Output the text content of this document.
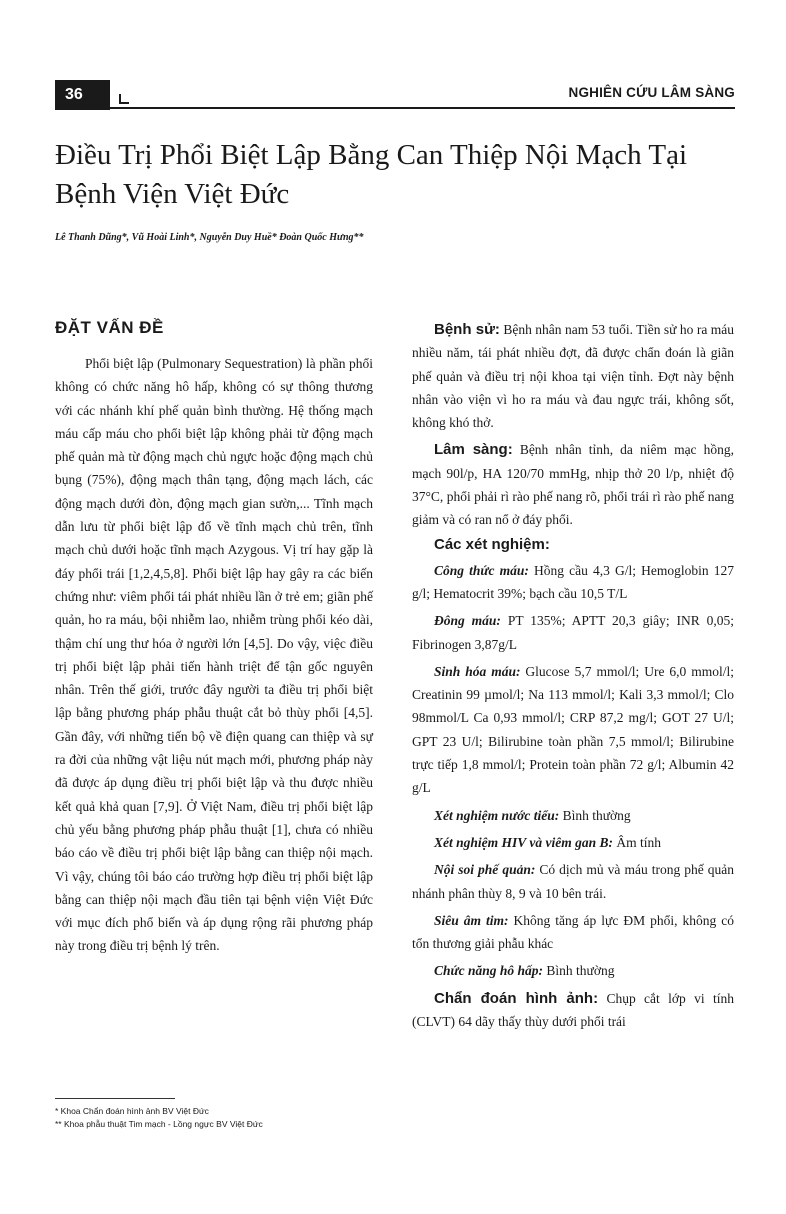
36	NGHIÊN CỨU LÂM SÀNG
Điều Trị Phổi Biệt Lập Bằng Can Thiệp Nội Mạch Tại Bệnh Viện Việt Đức
Lê Thanh Dũng*, Vũ Hoài Linh*, Nguyễn Duy Huề* Đoàn Quốc Hưng**
ĐẶT VẤN ĐỀ

Phổi biệt lập (Pulmonary Sequestration) là phần phổi không có chức năng hô hấp, không có sự thông thương với các nhánh khí phế quản bình thường. Hệ thống mạch máu cấp máu cho phổi biệt lập không phải từ động mạch phế quản mà từ động mạch chủ ngực hoặc động mạch chủ bụng (75%), động mạch thân tạng, động mạch lách, các động mạch dưới đòn, động mạch gian sườn,... Tĩnh mạch dẫn lưu từ phổi biệt lập đổ về tĩnh mạch chủ trên, tĩnh mạch chủ dưới hoặc tĩnh mạch Azygous. Vị trí hay gặp là đáy phổi trái [1,2,4,5,8]. Phổi biệt lập hay gây ra các biến chứng như: viêm phổi tái phát nhiều lần ở trẻ em; giãn phế quản, ho ra máu, bội nhiễm lao, nhiễm trùng phổi kéo dài, thậm chí ung thư hóa ở người lớn [4,5]. Do vậy, việc điều trị phổi biệt lập phải tiến hành triệt để tận gốc nguyên nhân. Trên thế giới, trước đây người ta điều trị phổi biệt lập bằng phương pháp phẫu thuật cắt bỏ thùy phổi [4,5]. Gần đây, với những tiến bộ về điện quang can thiệp và sự ra đời của những vật liệu nút mạch mới, phương pháp này đã được áp dụng điều trị phổi biệt lập và thu được nhiều kết quả khả quan [7,9]. Ở Việt Nam, điều trị phổi biệt lập chủ yếu bằng phương pháp phẫu thuật [1], chưa có nhiều báo cáo về điều trị phổi biệt lập bằng can thiệp nội mạch. Vì vậy, chúng tôi báo cáo trường hợp điều trị phổi biệt lập bằng can thiệp nội mạch đầu tiên tại bệnh viện Việt Đức với mục đích phổ biến và áp dụng rộng rãi phương pháp này trong điều trị bệnh lý trên.

Bệnh sử: Bệnh nhân nam 53 tuổi. Tiền sử ho ra máu nhiều năm, tái phát nhiều đợt, đã được chẩn đoán là giãn phế quản và điều trị nội khoa tại viện tỉnh. Đợt này bệnh nhân vào viện vì ho ra máu và đau ngực trái, không sốt, không khó thở.

Lâm sàng: Bệnh nhân tỉnh, da niêm mạc hồng, mạch 90l/p, HA 120/70 mmHg, nhịp thở 20 l/p, nhiệt độ 37°C, phổi phải rì rào phế nang rõ, phổi trái rì rào phế nang giảm và có ran nổ ở đáy phổi.

Các xét nghiệm:

Công thức máu: Hồng cầu 4,3 G/l; Hemoglobin 127 g/l; Hematocrit 39%; bạch cầu 10,5 T/L

Đông máu: PT 135%; APTT 20,3 giây; INR 0,05; Fibrinogen 3,87g/L

Sinh hóa máu: Glucose 5,7 mmol/l; Ure 6,0 mmol/l; Creatinin 99 µmol/l; Na 113 mmol/l; Kali 3,3 mmol/l; Clo 98mmol/L Ca 0,93 mmol/l; CRP 87,2 mg/l; GOT 27 U/l; GPT 23 U/l; Bilirubine toàn phần 7,5 mmol/l; Bilirubine trực tiếp 1,8 mmol/l; Protein toàn phần 72 g/l; Albumin 42 g/L

Xét nghiệm nước tiểu: Bình thường

Xét nghiệm HIV và viêm gan B: Âm tính

Nội soi phế quản: Có dịch mủ và máu trong phế quản nhánh phân thùy 8, 9 và 10 bên trái.

Siêu âm tim: Không tăng áp lực ĐM phổi, không có tổn thương giải phẫu khác

Chức năng hô hấp: Bình thường

Chẩn đoán hình ảnh: Chụp cắt lớp vi tính (CLVT) 64 dãy thấy thùy dưới phổi trái

* Khoa Chẩn đoán hình ảnh BV Việt Đức
** Khoa phẫu thuật Tim mạch - Lồng ngực BV Việt Đức
